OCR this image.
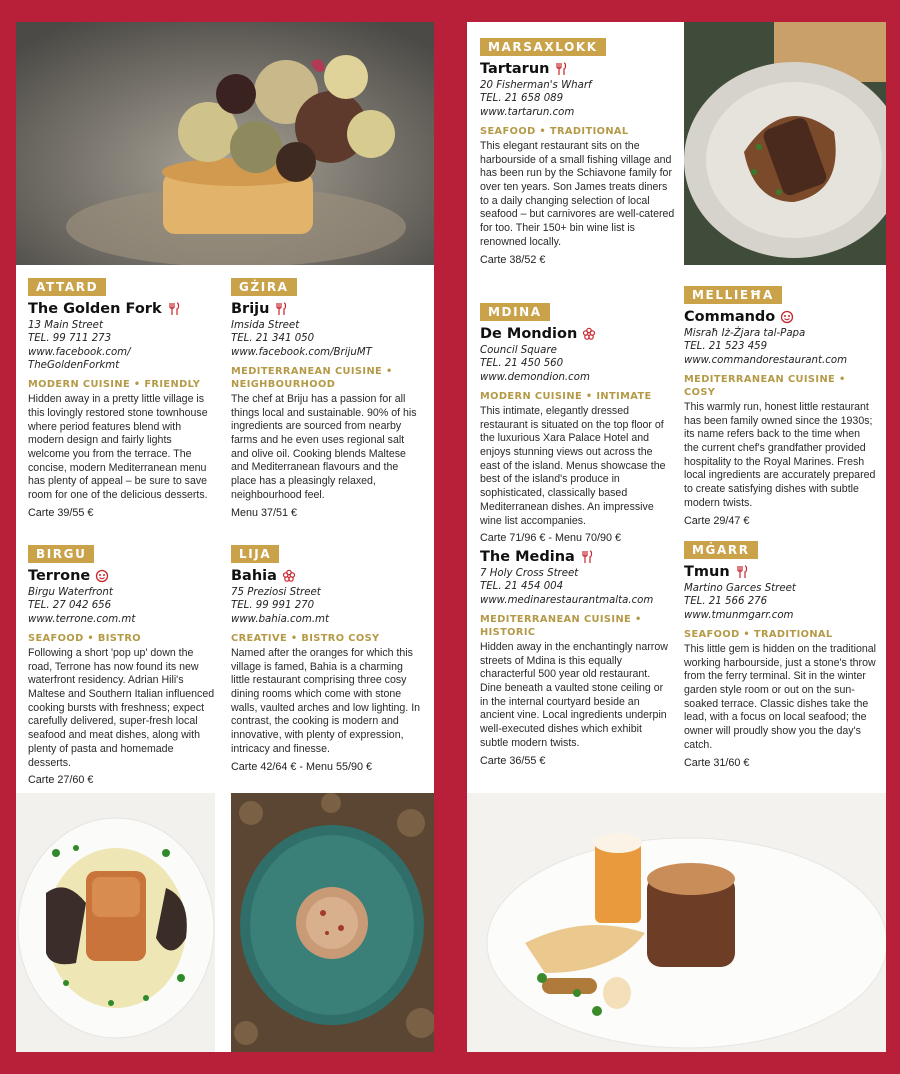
ATTARD
The Golden Fork
13 Main Street
TEL. 99 711 273
www.facebook.com/ TheGoldenForkmt
MODERN CUISINE • FRIENDLY
Hidden away in a pretty little village is this lovingly restored stone townhouse where period features blend with modern design and fairly lights welcome you from the terrace. The concise, modern Mediterranean menu has plenty of appeal – be sure to save room for one of the delicious desserts.
Carte 39/55 €
GŻIRA
Briju
Imsida Street
TEL. 21 341 050
www.facebook.com/BrijuMT
MEDITERRANEAN CUISINE • NEIGHBOURHOOD
The chef at Briju has a passion for all things local and sustainable. 90% of his ingredients are sourced from nearby farms and he even uses regional salt and olive oil. Cooking blends Maltese and Mediterranean flavours and the place has a pleasingly relaxed, neighbourhood feel.
Menu 37/51 €
BIRGU
Terrone
Birgu Waterfront
TEL. 27 042 656
www.terrone.com.mt
SEAFOOD • BISTRO
Following a short 'pop up' down the road, Terrone has now found its new waterfront residency. Adrian Hili's Maltese and Southern Italian influenced cooking bursts with freshness; expect carefully delivered, super-fresh local seafood and meat dishes, along with plenty of pasta and homemade desserts.
Carte 27/60 €
LIJA
Bahia
75 Preziosi Street
TEL. 99 991 270
www.bahia.com.mt
CREATIVE • BISTRO COSY
Named after the oranges for which this village is famed, Bahia is a charming little restaurant comprising three cosy dining rooms which come with stone walls, vaulted arches and low lighting. In contrast, the cooking is modern and innovative, with plenty of expression, intricacy and finesse.
Carte 42/64 € - Menu 55/90 €
MARSAXLOKK
Tartarun
20 Fisherman's Wharf
TEL. 21 658 089
www.tartarun.com
SEAFOOD • TRADITIONAL
This elegant restaurant sits on the harbourside of a small fishing village and has been run by the Schiavone family for over ten years. Son James treats diners to a daily changing selection of local seafood – but carnivores are well-catered for too. Their 150+ bin wine list is renowned locally.
Carte 38/52 €
MDINA
De Mondion
Council Square
TEL. 21 450 560
www.demondion.com
MODERN CUISINE • INTIMATE
This intimate, elegantly dressed restaurant is situated on the top floor of the luxurious Xara Palace Hotel and enjoys stunning views out across the east of the island. Menus showcase the best of the island's produce in sophisticated, classically based Mediterranean dishes. An impressive wine list accompanies.
Carte 71/96 € - Menu 70/90 €
MELLIEĦA
Commando
Misraħ Iż-Żjara tal-Papa
TEL. 21 523 459
www.commandorestaurant.com
MEDITERRANEAN CUISINE • COSY
This warmly run, honest little restaurant has been family owned since the 1930s; its name refers back to the time when the current chef's grandfather provided hospitality to the Royal Marines. Fresh local ingredients are accurately prepared to create satisfying dishes with subtle modern twists.
Carte 29/47 €
The Medina
7 Holy Cross Street
TEL. 21 454 004
www.medinarestaurantmalta.com
MEDITERRANEAN CUISINE • HISTORIC
Hidden away in the enchantingly narrow streets of Mdina is this equally characterful 500 year old restaurant. Dine beneath a vaulted stone ceiling or in the internal courtyard beside an ancient vine. Local ingredients underpin well-executed dishes which exhibit subtle modern twists.
Carte 36/55 €
MĠARR
Tmun
Martino Garces Street
TEL. 21 566 276
www.tmunmgarr.com
SEAFOOD • TRADITIONAL
This little gem is hidden on the traditional working harbourside, just a stone's throw from the ferry terminal. Sit in the winter garden style room or out on the sun-soaked terrace. Classic dishes take the lead, with a focus on local seafood; the owner will proudly show you the day's catch.
Carte 31/60 €
